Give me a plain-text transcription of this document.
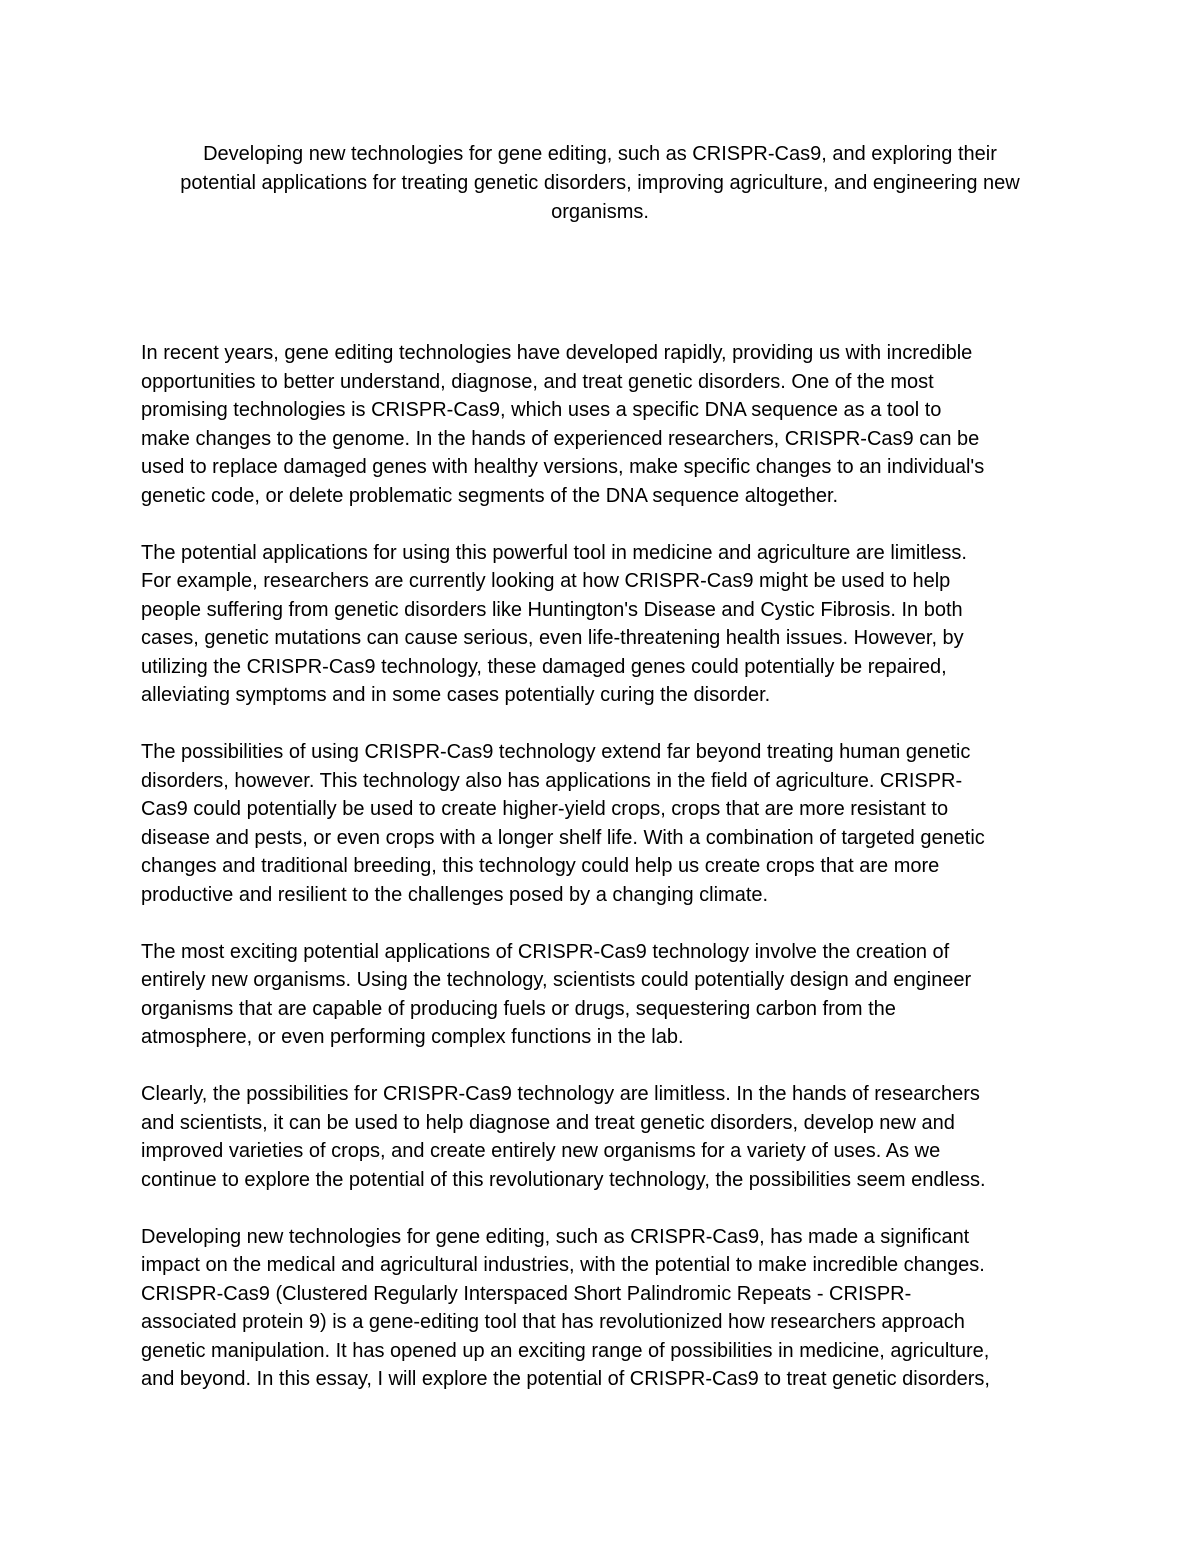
Developing new technologies for gene editing, such as CRISPR-Cas9, and exploring their
potential applications for treating genetic disorders, improving agriculture, and engineering new
organisms.

In recent years, gene editing technologies have developed rapidly, providing us with incredible
opportunities to better understand, diagnose, and treat genetic disorders. One of the most
promising technologies is CRISPR-Cas9, which uses a specific DNA sequence as a tool to
make changes to the genome. In the hands of experienced researchers, CRISPR-Cas9 can be
used to replace damaged genes with healthy versions, make specific changes to an individual's
genetic code, or delete problematic segments of the DNA sequence altogether.

The potential applications for using this powerful tool in medicine and agriculture are limitless.
For example, researchers are currently looking at how CRISPR-Cas9 might be used to help
people suffering from genetic disorders like Huntington's Disease and Cystic Fibrosis. In both
cases, genetic mutations can cause serious, even life-threatening health issues. However, by
utilizing the CRISPR-Cas9 technology, these damaged genes could potentially be repaired,
alleviating symptoms and in some cases potentially curing the disorder.

The possibilities of using CRISPR-Cas9 technology extend far beyond treating human genetic
disorders, however. This technology also has applications in the field of agriculture. CRISPR-
Cas9 could potentially be used to create higher-yield crops, crops that are more resistant to
disease and pests, or even crops with a longer shelf life. With a combination of targeted genetic
changes and traditional breeding, this technology could help us create crops that are more
productive and resilient to the challenges posed by a changing climate.

The most exciting potential applications of CRISPR-Cas9 technology involve the creation of
entirely new organisms. Using the technology, scientists could potentially design and engineer
organisms that are capable of producing fuels or drugs, sequestering carbon from the
atmosphere, or even performing complex functions in the lab.

Clearly, the possibilities for CRISPR-Cas9 technology are limitless. In the hands of researchers
and scientists, it can be used to help diagnose and treat genetic disorders, develop new and
improved varieties of crops, and create entirely new organisms for a variety of uses. As we
continue to explore the potential of this revolutionary technology, the possibilities seem endless.

Developing new technologies for gene editing, such as CRISPR-Cas9, has made a significant
impact on the medical and agricultural industries, with the potential to make incredible changes.
CRISPR-Cas9 (Clustered Regularly Interspaced Short Palindromic Repeats - CRISPR-
associated protein 9) is a gene-editing tool that has revolutionized how researchers approach
genetic manipulation. It has opened up an exciting range of possibilities in medicine, agriculture,
and beyond. In this essay, I will explore the potential of CRISPR-Cas9 to treat genetic disorders,
